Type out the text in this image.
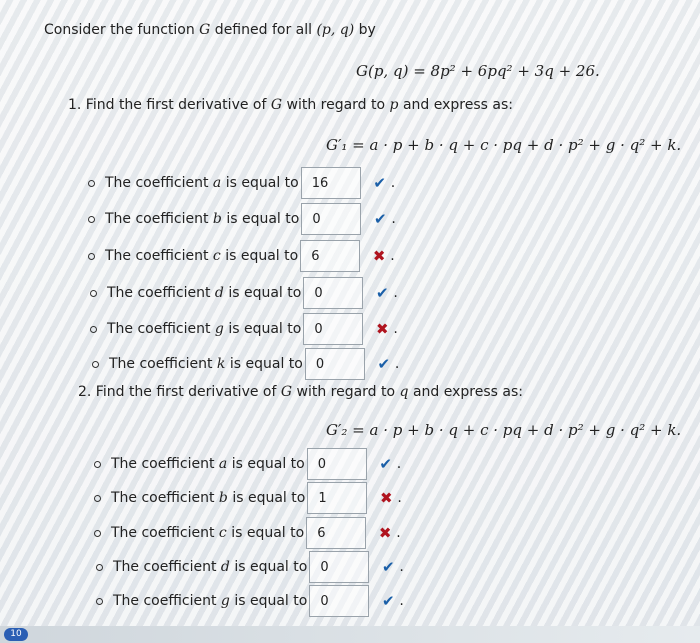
Consider the function G defined for all (p, q) by
G(p, q) = 8p² + 6pq² + 3q + 26.
1. Find the first derivative of G with regard to p and express as:
G′₁ = a · p + b · q + c · pq + d · p² + g · q² + k.
The coefficient a is equal to	16	✔ .
The coefficient b is equal to	0	✔ .
The coefficient c is equal to	6	✖ .
The coefficient d is equal to	0	✔ .
The coefficient g is equal to	0	✖ .
The coefficient k is equal to	0	✔ .
2. Find the first derivative of G with regard to q and express as:
G′₂ = a · p + b · q + c · pq + d · p² + g · q² + k.
The coefficient a is equal to	0	✔ .
The coefficient b is equal to	1	✖ .
The coefficient c is equal to	6	✖ .
The coefficient d is equal to	0	✔ .
The coefficient g is equal to	0	✔ .
10
